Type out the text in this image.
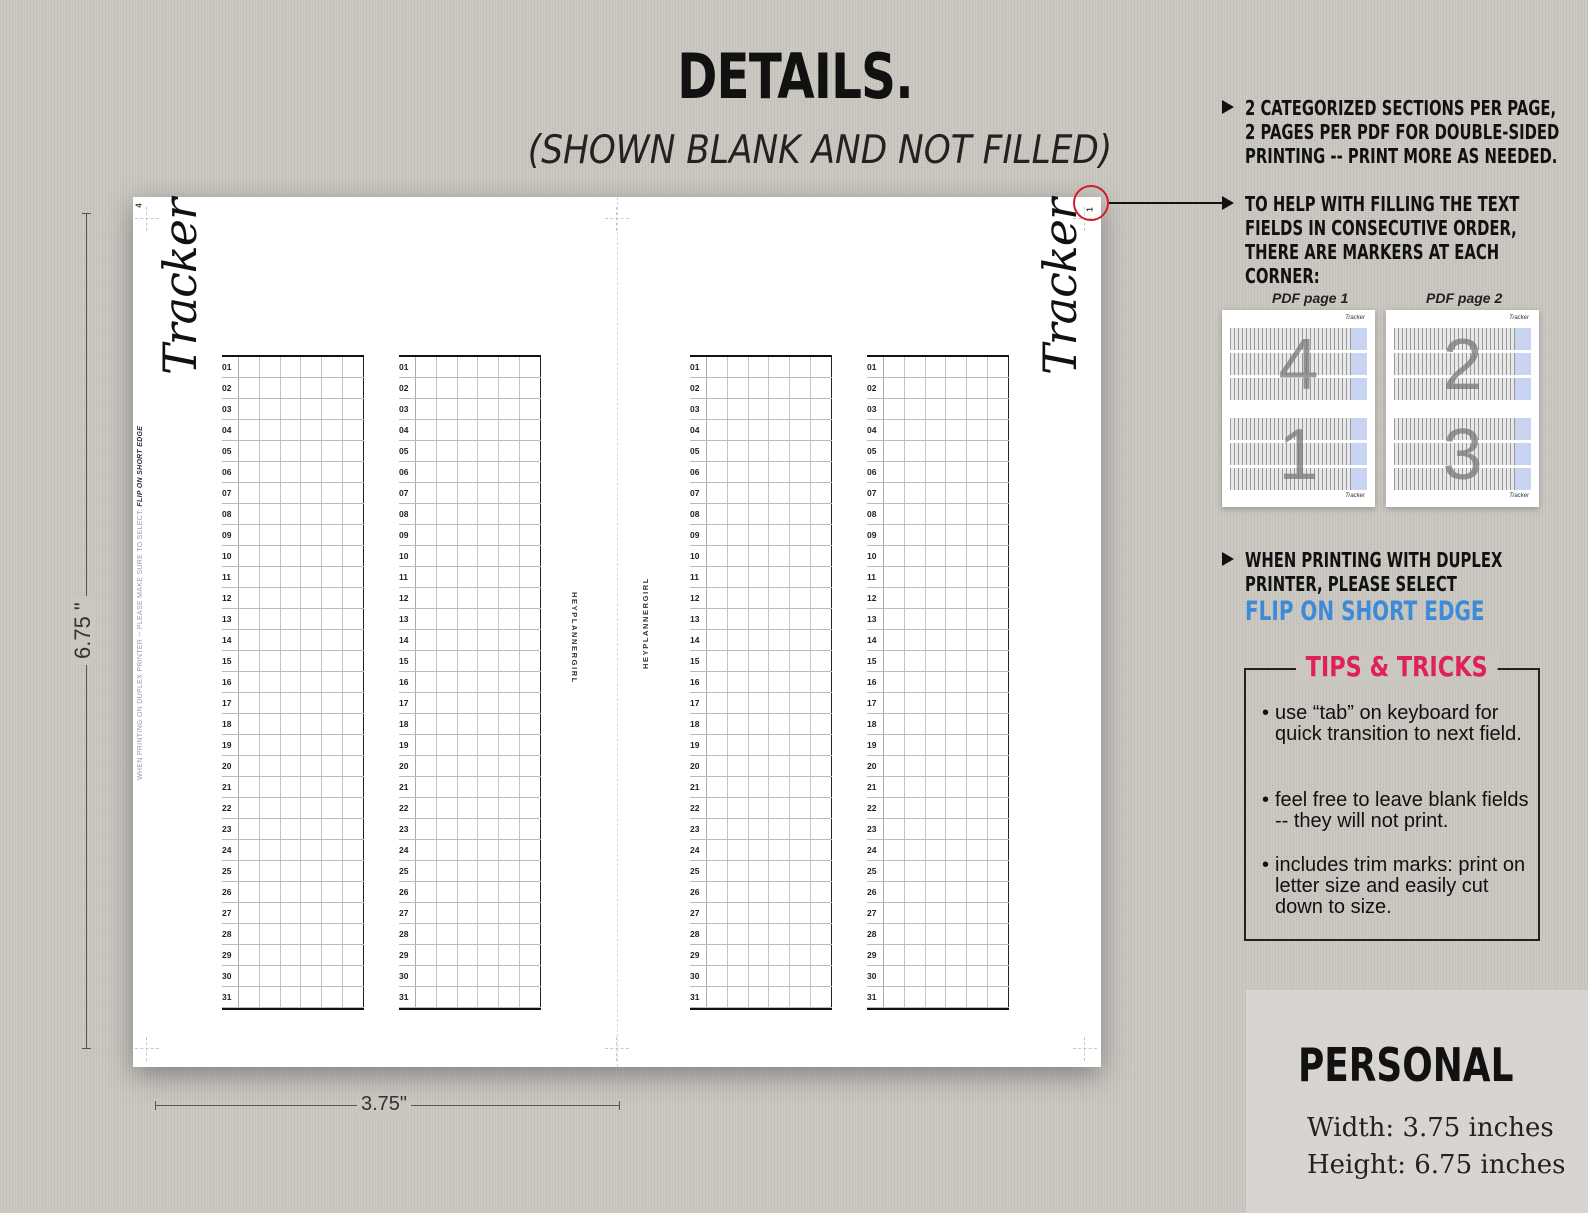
DETAILS.
(SHOWN BLANK AND NOT FILLED)
6.75 "
3.75"
4
1
Tracker	Tracker
HEYPLANNERGIRL	HEYPLANNERGIRL
01
02
03
04
05
06
07
08
09
10
11
12
13
14
15
16
17
18
19
20
21
22
23
24
25
26
27
28
29
30
31
01
02
03
04
05
06
07
08
09
10
11
12
13
14
15
16
17
18
19
20
21
22
23
24
25
26
27
28
29
30
31
01
02
03
04
05
06
07
08
09
10
11
12
13
14
15
16
17
18
19
20
21
22
23
24
25
26
27
28
29
30
31
01
02
03
04
05
06
07
08
09
10
11
12
13
14
15
16
17
18
19
20
21
22
23
24
25
26
27
28
29
30
31
WHEN PRINTING ON DUPLEX PRINTER -- PLEASE MAKE SURE TO SELECT: FLIP ON SHORT EDGE
2 CATEGORIZED SECTIONS PER PAGE, 2 PAGES PER PDF FOR DOUBLE-SIDED PRINTING -- PRINT MORE AS NEEDED.
TO HELP WITH FILLING THE TEXT FIELDS IN CONSECUTIVE ORDER, THERE ARE MARKERS AT EACH CORNER:
PDF page 1	PDF page 2
Tracker
Tracker
4
1
Tracker
Tracker
2
3
WHEN PRINTING WITH DUPLEX PRINTER, PLEASE SELECT
FLIP ON SHORT EDGE
TIPS & TRICKS
• use “tab” on keyboard for quick transition to next field.
• feel free to leave blank fields -- they will not print.
• includes trim marks: print on letter size and easily cut down to size.
PERSONAL
Width: 3.75 inches
Height: 6.75 inches
